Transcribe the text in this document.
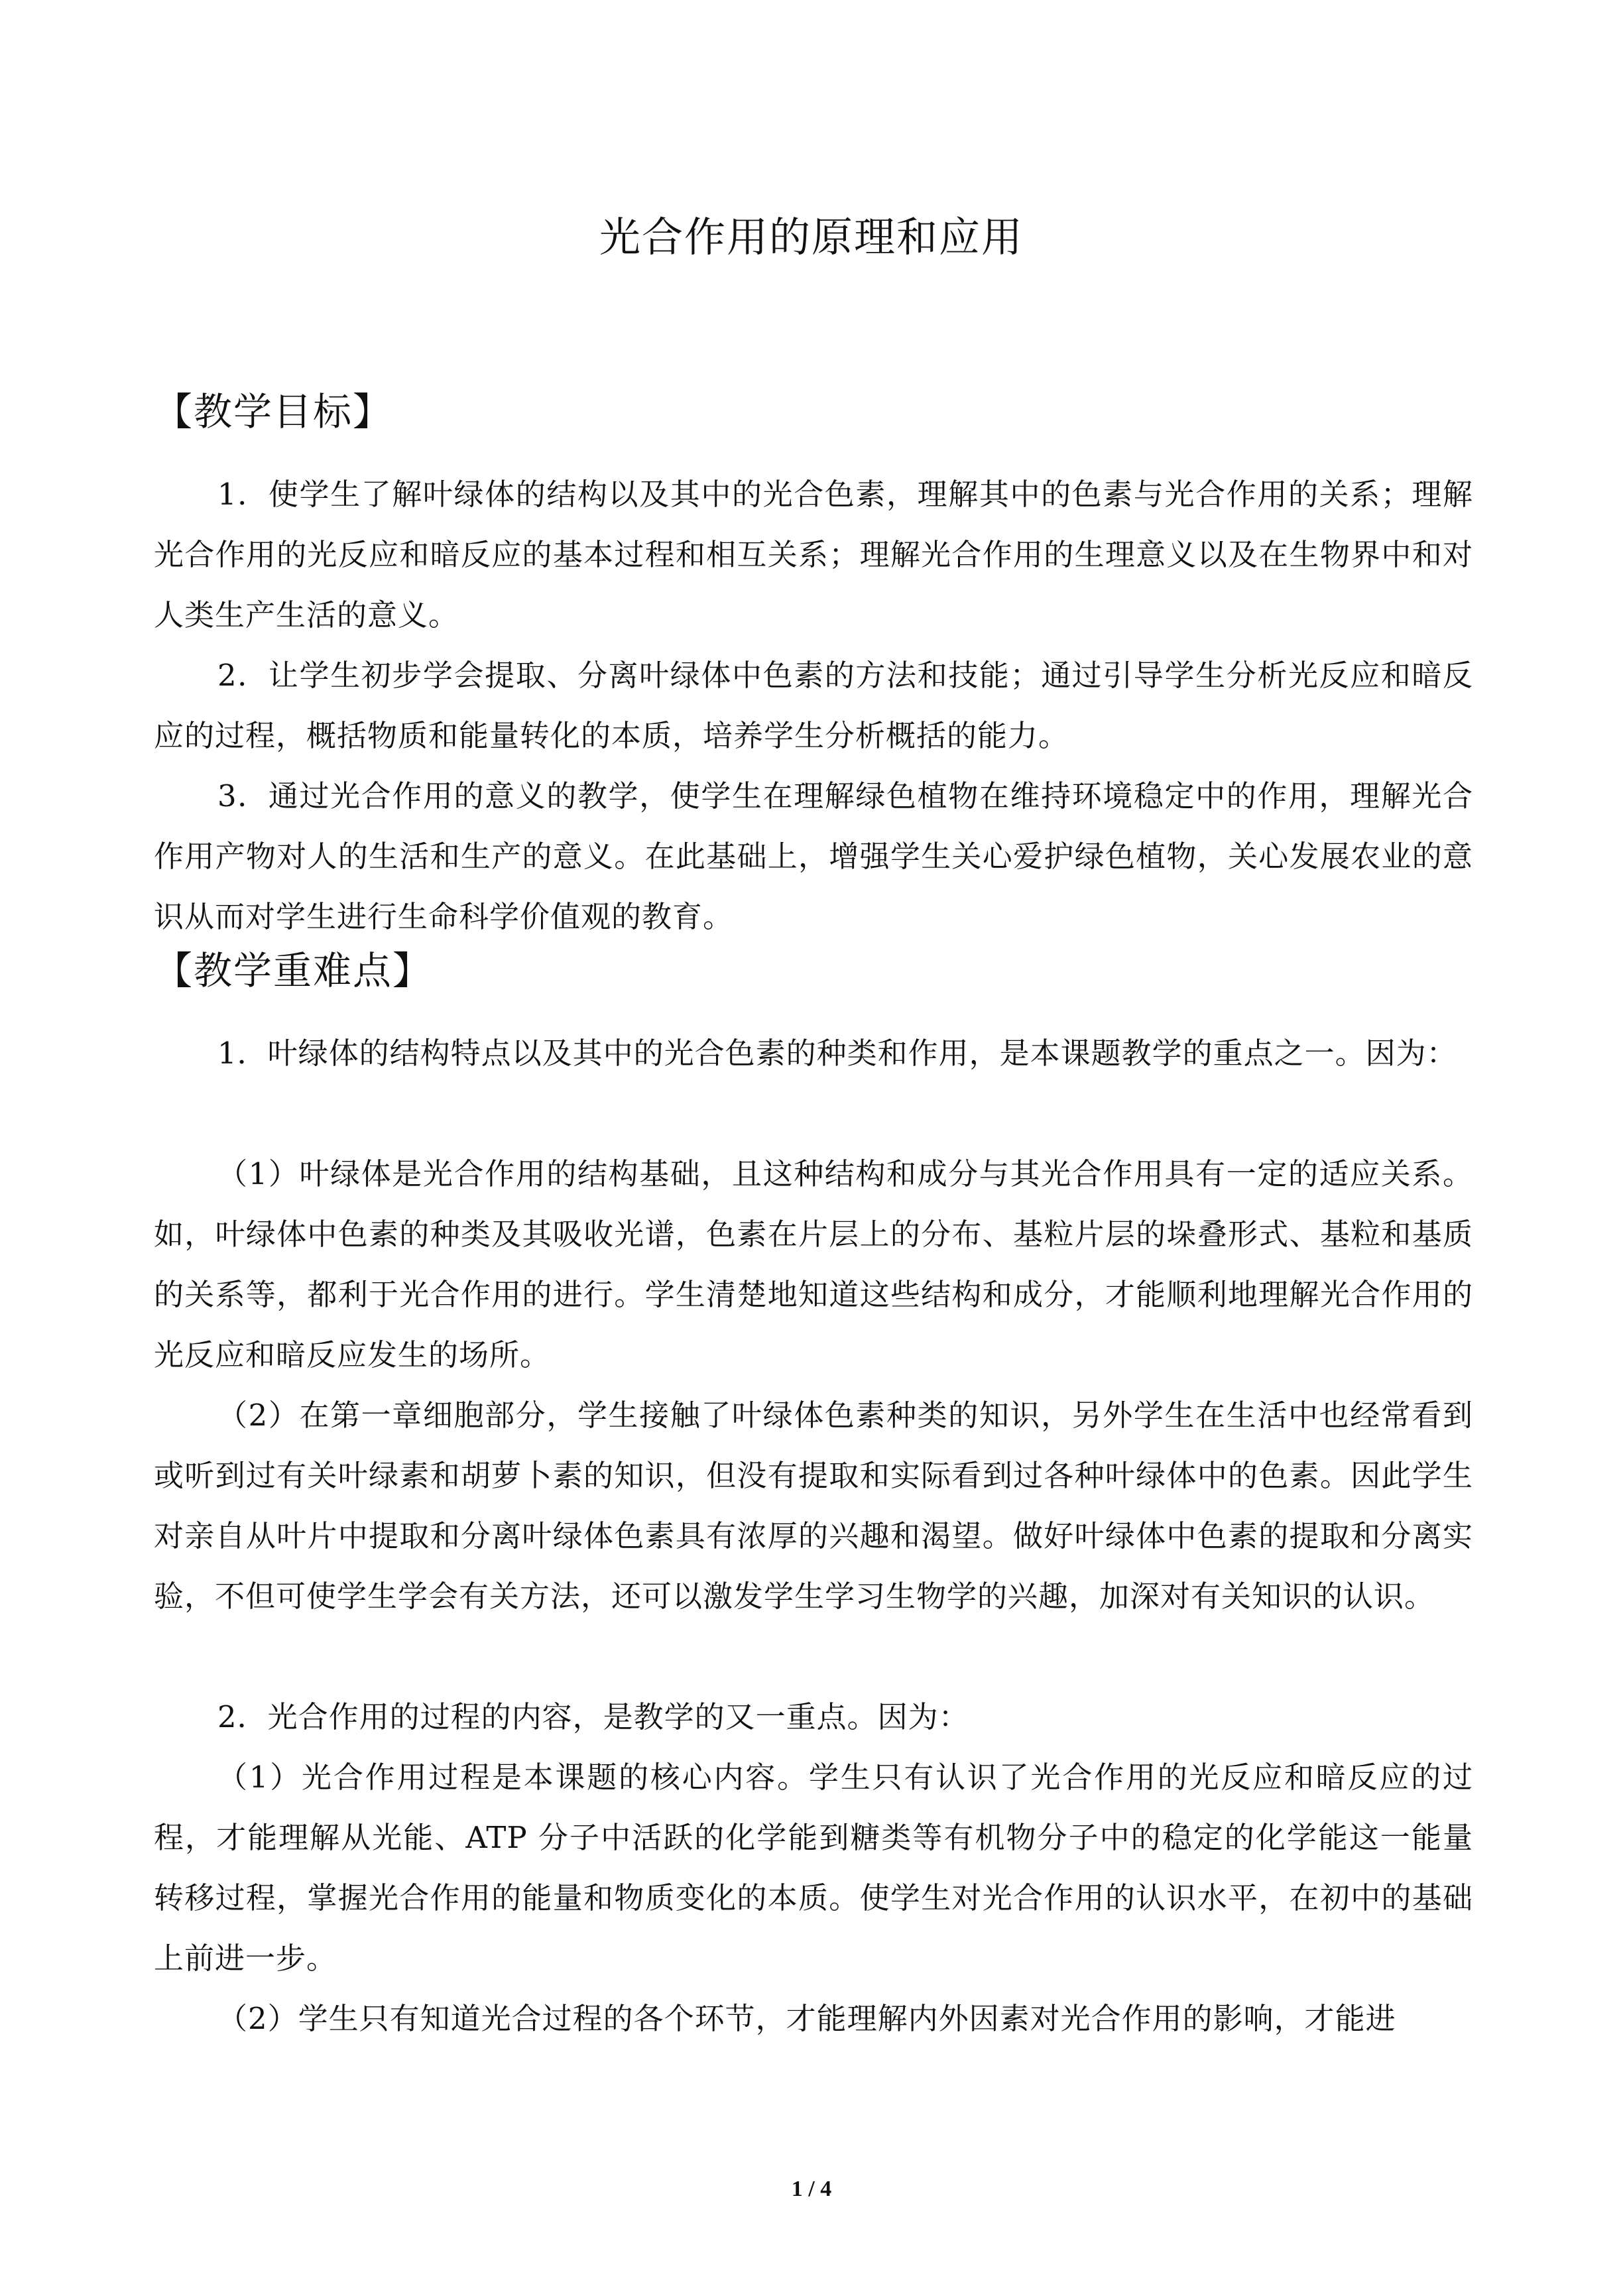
光合作用的原理和应用
【教学目标】

1．使学生了解叶绿体的结构以及其中的光合色素，理解其中的色素与光合作用的关系；理解光合作用的光反应和暗反应的基本过程和相互关系；理解光合作用的生理意义以及在生物界中和对人类生产生活的意义。

2．让学生初步学会提取、分离叶绿体中色素的方法和技能；通过引导学生分析光反应和暗反应的过程，概括物质和能量转化的本质，培养学生分析概括的能力。

3．通过光合作用的意义的教学，使学生在理解绿色植物在维持环境稳定中的作用，理解光合作用产物对人的生活和生产的意义。在此基础上，增强学生关心爱护绿色植物，关心发展农业的意识从而对学生进行生命科学价值观的教育。

【教学重难点】

1．叶绿体的结构特点以及其中的光合色素的种类和作用，是本课题教学的重点之一。因为：

（1）叶绿体是光合作用的结构基础，且这种结构和成分与其光合作用具有一定的适应关系。如，叶绿体中色素的种类及其吸收光谱，色素在片层上的分布、基粒片层的垛叠形式、基粒和基质的关系等，都利于光合作用的进行。学生清楚地知道这些结构和成分，才能顺利地理解光合作用的光反应和暗反应发生的场所。

（2）在第一章细胞部分，学生接触了叶绿体色素种类的知识，另外学生在生活中也经常看到或听到过有关叶绿素和胡萝卜素的知识，但没有提取和实际看到过各种叶绿体中的色素。因此学生对亲自从叶片中提取和分离叶绿体色素具有浓厚的兴趣和渴望。做好叶绿体中色素的提取和分离实验，不但可使学生学会有关方法，还可以激发学生学习生物学的兴趣，加深对有关知识的认识。

2．光合作用的过程的内容，是教学的又一重点。因为：

（1）光合作用过程是本课题的核心内容。学生只有认识了光合作用的光反应和暗反应的过程，才能理解从光能、ATP 分子中活跃的化学能到糖类等有机物分子中的稳定的化学能这一能量转移过程，掌握光合作用的能量和物质变化的本质。使学生对光合作用的认识水平，在初中的基础上前进一步。

（2）学生只有知道光合过程的各个环节，才能理解内外因素对光合作用的影响，才能进

1 / 4
